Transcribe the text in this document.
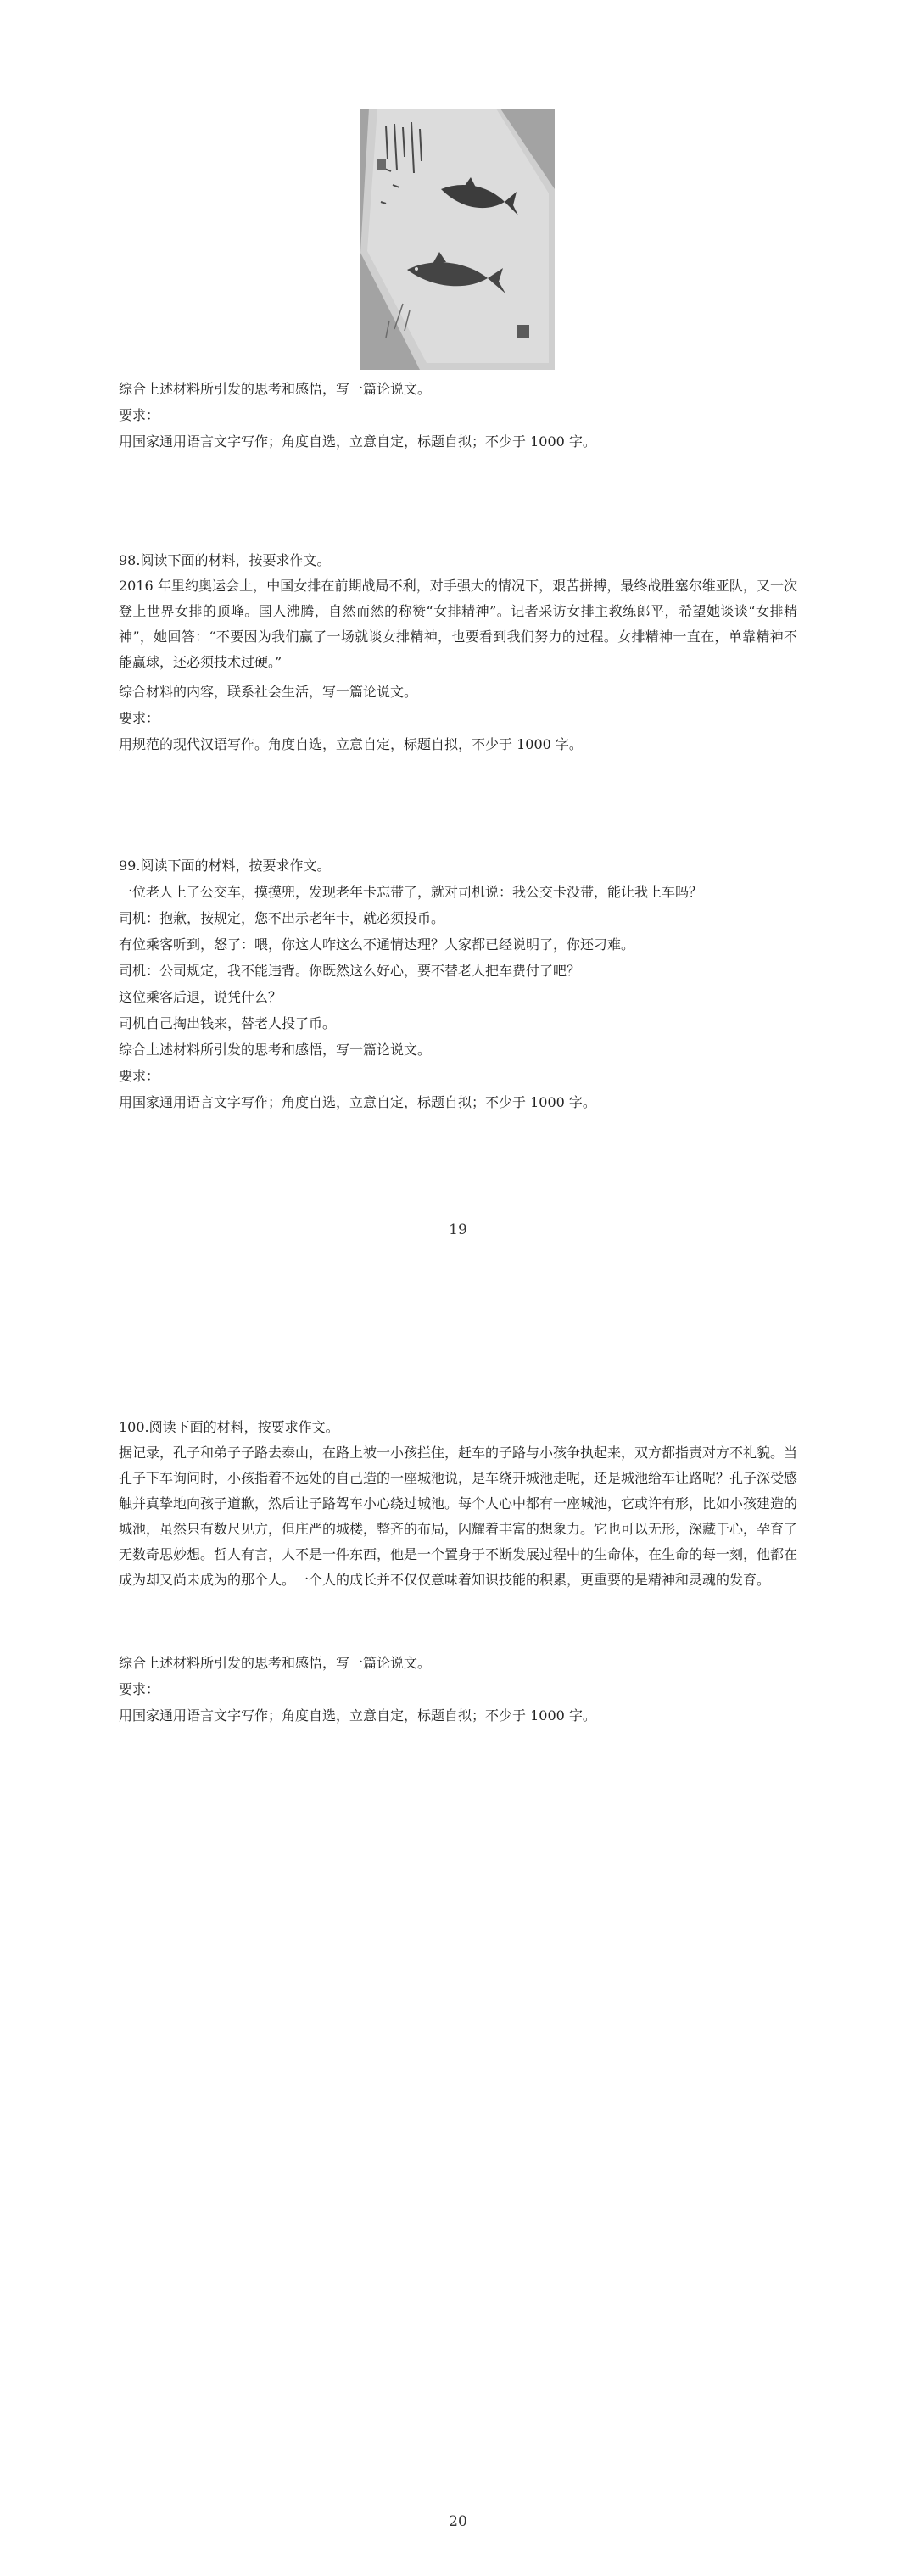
综合上述材料所引发的思考和感悟，写一篇论说文。
要求：
用国家通用语言文字写作；角度自选，立意自定，标题自拟；不少于 1000 字。
98.阅读下面的材料，按要求作文。
2016 年里约奥运会上，中国女排在前期战局不利，对手强大的情况下，艰苦拼搏，最终战胜塞尔维亚队，又一次登上世界女排的顶峰。国人沸腾，自然而然的称赞“女排精神”。记者采访女排主教练郎平，希望她谈谈“女排精神”，她回答：“不要因为我们赢了一场就谈女排精神，也要看到我们努力的过程。女排精神一直在，单靠精神不能赢球，还必须技术过硬。”
综合材料的内容，联系社会生活，写一篇论说文。
要求：
用规范的现代汉语写作。角度自选，立意自定，标题自拟，不少于 1000 字。
99.阅读下面的材料，按要求作文。
一位老人上了公交车，摸摸兜，发现老年卡忘带了，就对司机说：我公交卡没带，能让我上车吗？
司机：抱歉，按规定，您不出示老年卡，就必须投币。
有位乘客听到，怒了：喂，你这人咋这么不通情达理？人家都已经说明了，你还刁难。
司机：公司规定，我不能违背。你既然这么好心，要不替老人把车费付了吧？
这位乘客后退，说凭什么？
司机自己掏出钱来，替老人投了币。
综合上述材料所引发的思考和感悟，写一篇论说文。
要求：
用国家通用语言文字写作；角度自选，立意自定，标题自拟；不少于 1000 字。
19
100.阅读下面的材料，按要求作文。
据记录，孔子和弟子子路去泰山，在路上被一小孩拦住，赶车的子路与小孩争执起来，双方都指责对方不礼貌。当孔子下车询问时，小孩指着不远处的自己造的一座城池说，是车绕开城池走呢，还是城池给车让路呢？孔子深受感触并真挚地向孩子道歉，然后让子路驾车小心绕过城池。每个人心中都有一座城池，它或许有形，比如小孩建造的城池，虽然只有数尺见方，但庄严的城楼，整齐的布局，闪耀着丰富的想象力。它也可以无形，深藏于心，孕育了无数奇思妙想。哲人有言，人不是一件东西，他是一个置身于不断发展过程中的生命体，在生命的每一刻，他都在成为却又尚未成为的那个人。一个人的成长并不仅仅意味着知识技能的积累，更重要的是精神和灵魂的发育。
综合上述材料所引发的思考和感悟，写一篇论说文。
要求：
用国家通用语言文字写作；角度自选，立意自定，标题自拟；不少于 1000 字。
20
